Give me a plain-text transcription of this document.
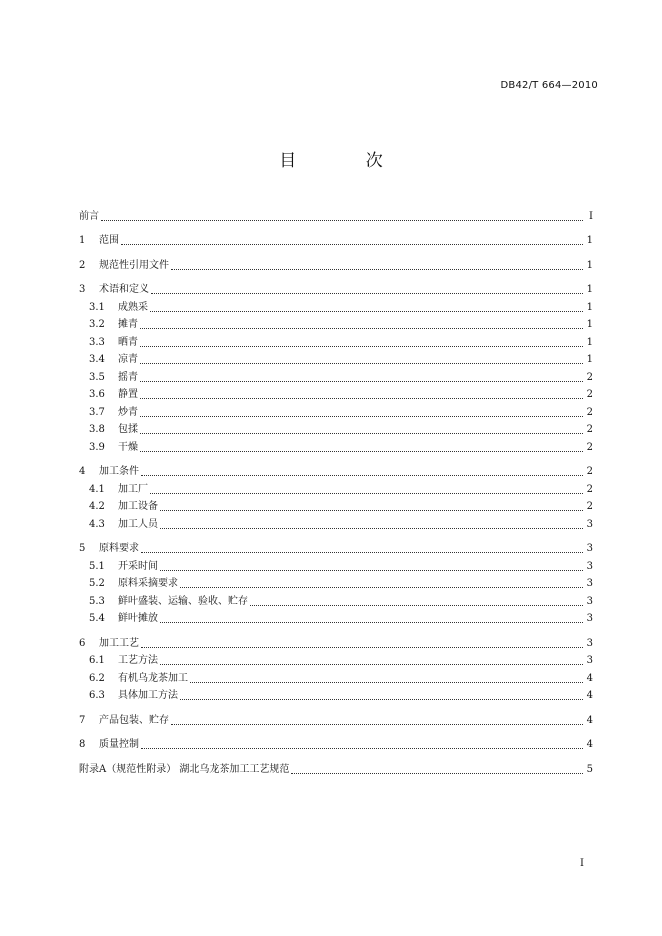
DB42/T 664—2010
目 次
前言	I
1	范围	1
2	规范性引用文件	1
3	术语和定义	1
3.1	成熟采	1
3.2	摊青	1
3.3	晒青	1
3.4	凉青	1
3.5	摇青	2
3.6	静置	2
3.7	炒青	2
3.8	包揉	2
3.9	干燥	2
4	加工条件	2
4.1	加工厂	2
4.2	加工设备	2
4.3	加工人员	3
5	原料要求	3
5.1	开采时间	3
5.2	原料采摘要求	3
5.3	鲜叶盛装、运输、验收、贮存	3
5.4	鲜叶摊放	3
6	加工工艺	3
6.1	工艺方法	3
6.2	有机乌龙茶加工	4
6.3	具体加工方法	4
7	产品包装、贮存	4
8	质量控制	4
附录A（规范性附录） 湖北乌龙茶加工工艺规范	5
I
